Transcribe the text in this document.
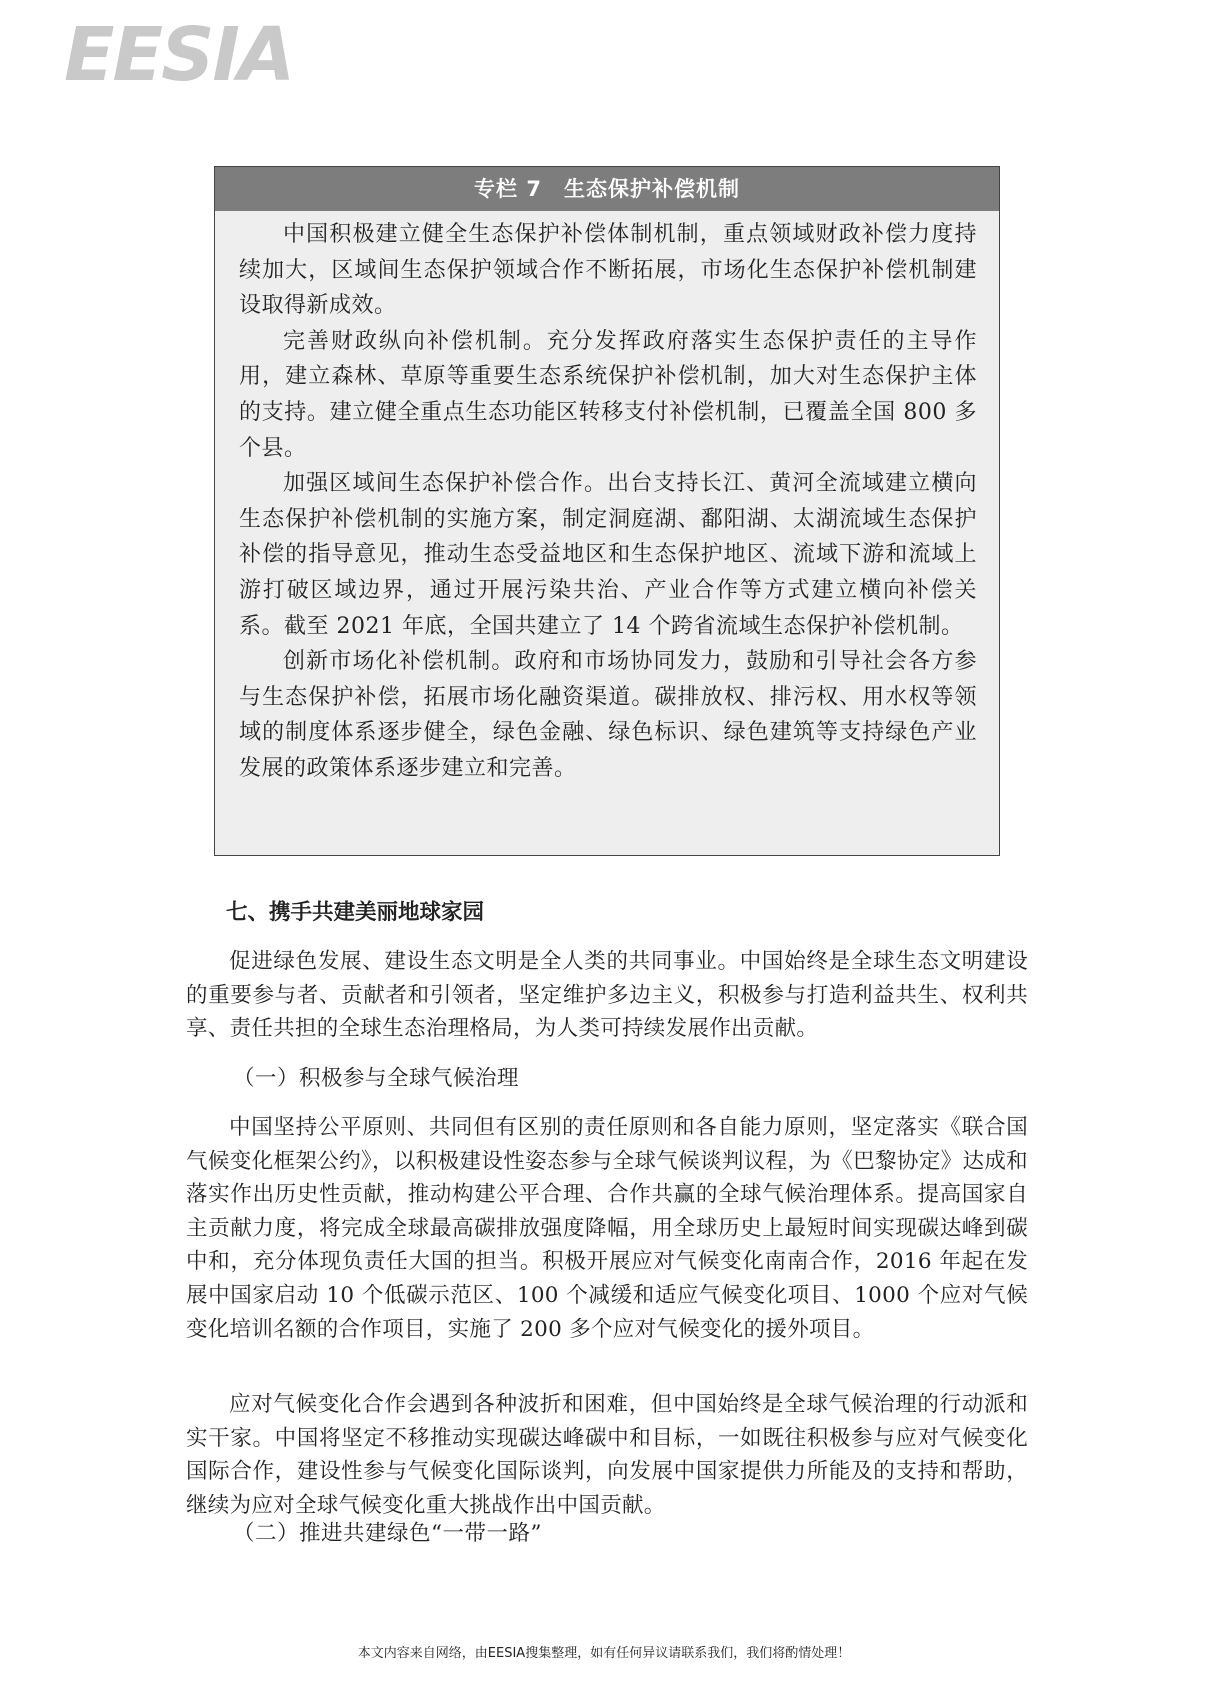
EESIA
专栏 7　生态保护补偿机制

中国积极建立健全生态保护补偿体制机制，重点领域财政补偿力度持续加大，区域间生态保护领域合作不断拓展，市场化生态保护补偿机制建设取得新成效。

完善财政纵向补偿机制。充分发挥政府落实生态保护责任的主导作用，建立森林、草原等重要生态系统保护补偿机制，加大对生态保护主体的支持。建立健全重点生态功能区转移支付补偿机制，已覆盖全国 800 多个县。

加强区域间生态保护补偿合作。出台支持长江、黄河全流域建立横向生态保护补偿机制的实施方案，制定洞庭湖、鄱阳湖、太湖流域生态保护补偿的指导意见，推动生态受益地区和生态保护地区、流域下游和流域上游打破区域边界，通过开展污染共治、产业合作等方式建立横向补偿关系。截至 2021 年底，全国共建立了 14 个跨省流域生态保护补偿机制。

创新市场化补偿机制。政府和市场协同发力，鼓励和引导社会各方参与生态保护补偿，拓展市场化融资渠道。碳排放权、排污权、用水权等领域的制度体系逐步健全，绿色金融、绿色标识、绿色建筑等支持绿色产业发展的政策体系逐步建立和完善。

七、携手共建美丽地球家园

促进绿色发展、建设生态文明是全人类的共同事业。中国始终是全球生态文明建设的重要参与者、贡献者和引领者，坚定维护多边主义，积极参与打造利益共生、权利共享、责任共担的全球生态治理格局，为人类可持续发展作出贡献。

（一）积极参与全球气候治理

中国坚持公平原则、共同但有区别的责任原则和各自能力原则，坚定落实《联合国气候变化框架公约》，以积极建设性姿态参与全球气候谈判议程，为《巴黎协定》达成和落实作出历史性贡献，推动构建公平合理、合作共赢的全球气候治理体系。提高国家自主贡献力度，将完成全球最高碳排放强度降幅，用全球历史上最短时间实现碳达峰到碳中和，充分体现负责任大国的担当。积极开展应对气候变化南南合作，2016 年起在发展中国家启动 10 个低碳示范区、100 个减缓和适应气候变化项目、1000 个应对气候变化培训名额的合作项目，实施了 200 多个应对气候变化的援外项目。

应对气候变化合作会遇到各种波折和困难，但中国始终是全球气候治理的行动派和实干家。中国将坚定不移推动实现碳达峰碳中和目标，一如既往积极参与应对气候变化国际合作，建设性参与气候变化国际谈判，向发展中国家提供力所能及的支持和帮助，继续为应对全球气候变化重大挑战作出中国贡献。

（二）推进共建绿色“一带一路”
本文内容来自网络，由EESIA搜集整理，如有任何异议请联系我们，我们将酌情处理！
